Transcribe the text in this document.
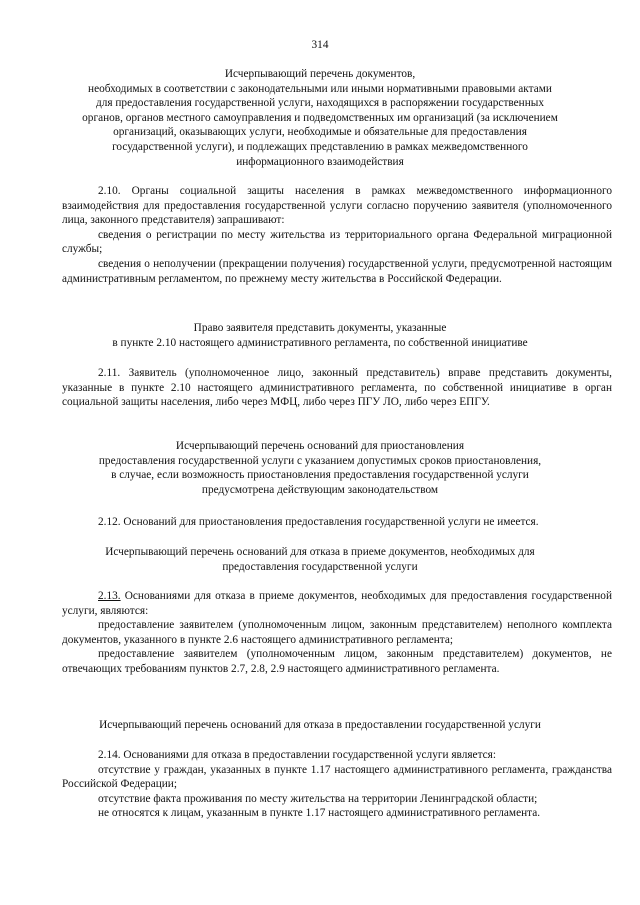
314

Исчерпывающий перечень документов,

необходимых в соответствии с законодательными или иными нормативными правовыми актами

для предоставления государственной услуги, находящихся в распоряжении государственных

органов, органов местного самоуправления и подведомственных им организаций (за исключением

организаций, оказывающих услуги, необходимые и обязательные для предоставления

государственной услуги), и подлежащих представлению в рамках межведомственного

информационного взаимодействия

2.10. Органы социальной защиты населения в рамках межведомственного информационного взаимодействия для предоставления государственной услуги согласно поручению заявителя (уполномоченного лица, законного представителя) запрашивают:

сведения о регистрации по месту жительства из территориального органа Федеральной миграционной службы;

сведения о неполучении (прекращении получения) государственной услуги, предусмотренной настоящим административным регламентом, по прежнему месту жительства в Российской Федерации.

Право заявителя представить документы, указанные

в пункте 2.10 настоящего административного регламента, по собственной инициативе

2.11. Заявитель (уполномоченное лицо, законный представитель) вправе представить документы, указанные в пункте 2.10 настоящего административного регламента, по собственной инициативе в орган социальной защиты населения, либо через МФЦ, либо через ПГУ ЛО, либо через ЕПГУ.

Исчерпывающий перечень оснований для приостановления

предоставления государственной услуги с указанием допустимых сроков приостановления,

в случае, если возможность приостановления предоставления государственной услуги

предусмотрена действующим законодательством

2.12. Оснований для приостановления предоставления государственной услуги не имеется.

Исчерпывающий перечень оснований для отказа в приеме документов, необходимых для

предоставления государственной услуги

2.13. Основаниями для отказа в приеме документов, необходимых для предоставления государственной услуги, являются:

предоставление заявителем (уполномоченным лицом, законным представителем) неполного комплекта документов, указанного в пункте 2.6 настоящего административного регламента;

предоставление заявителем (уполномоченным лицом, законным представителем) документов, не отвечающих требованиям пунктов 2.7, 2.8, 2.9 настоящего административного регламента.

Исчерпывающий перечень оснований для отказа в предоставлении государственной услуги

2.14. Основаниями для отказа в предоставлении государственной услуги является:

отсутствие у граждан, указанных в пункте 1.17 настоящего административного регламента, гражданства Российской Федерации;

отсутствие факта проживания по месту жительства на территории Ленинградской области;

не относятся к лицам, указанным в пункте 1.17 настоящего административного регламента.
